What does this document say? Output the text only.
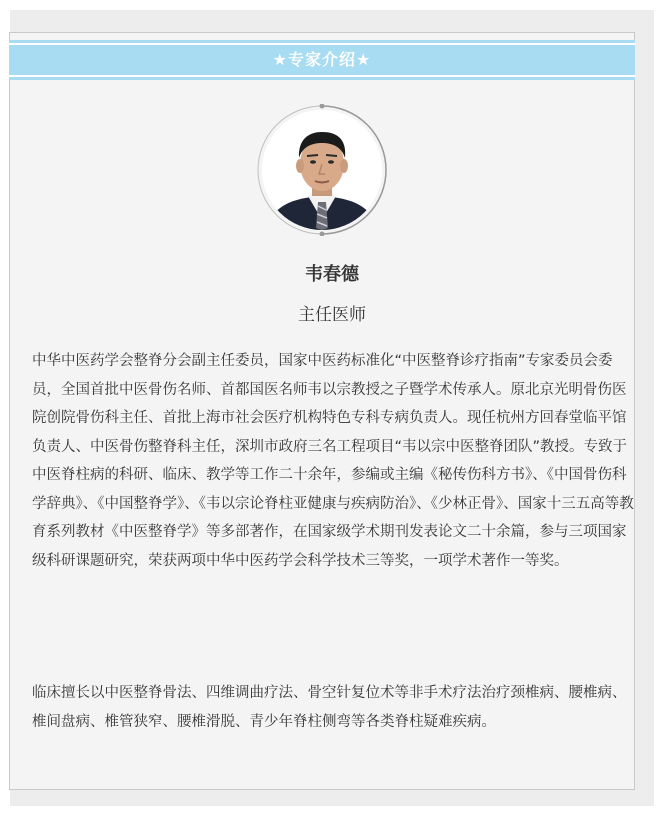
★专家介绍★
韦春德
主任医师
中华中医药学会整脊分会副主任委员，国家中医药标准化“中医整脊诊疗指南”专家委员会委员，全国首批中医骨伤名师、首都国医名师韦以宗教授之子暨学术传承人。原北京光明骨伤医院创院骨伤科主任、首批上海市社会医疗机构特色专科专病负责人。现任杭州方回春堂临平馆负责人、中医骨伤整脊科主任，深圳市政府三名工程项目“韦以宗中医整脊团队”教授。专致于中医脊柱病的科研、临床、教学等工作二十余年，参编或主编《秘传伤科方书》、《中国骨伤科学辞典》、《中国整脊学》、《韦以宗论脊柱亚健康与疾病防治》、《少林正骨》、国家十三五高等教育系列教材《中医整脊学》等多部著作，在国家级学术期刊发表论文二十余篇，参与三项国家级科研课题研究，荣获两项中华中医药学会科学技术三等奖，一项学术著作一等奖。
临床擅长以中医整脊骨法、四维调曲疗法、骨空针复位术等非手术疗法治疗颈椎病、腰椎病、椎间盘病、椎管狭窄、腰椎滑脱、青少年脊柱侧弯等各类脊柱疑难疾病。
